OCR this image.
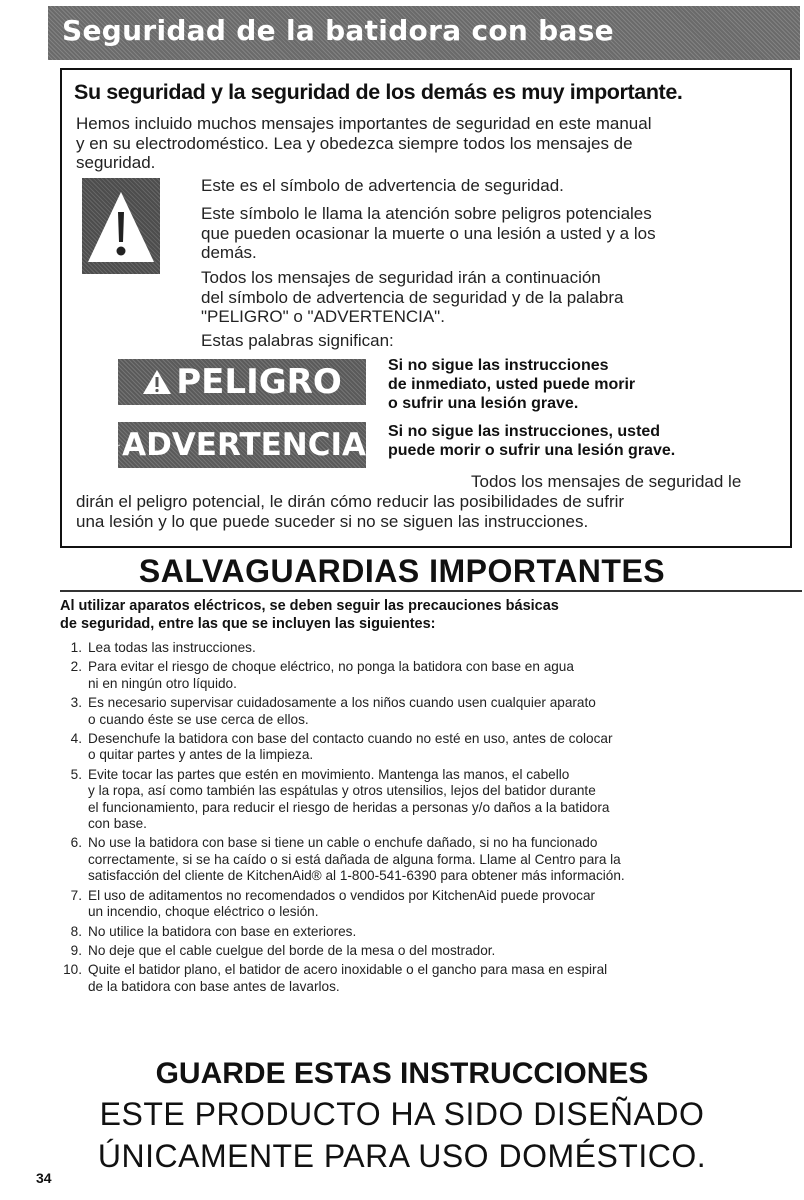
Seguridad de la batidora con base
Su seguridad y la seguridad de los demás es muy importante.
Hemos incluido muchos mensajes importantes de seguridad en este manual
y en su electrodoméstico. Lea y obedezca siempre todos los mensajes de
seguridad.
Este es el símbolo de advertencia de seguridad.
Este símbolo le llama la atención sobre peligros potenciales
que pueden ocasionar la muerte o una lesión a usted y a los
demás.
Todos los mensajes de seguridad irán a continuación
del símbolo de advertencia de seguridad y de la palabra
"PELIGRO" o "ADVERTENCIA".
Estas palabras significan:
PELIGRO	Si no sigue las instrucciones
de inmediato, usted puede morir
o sufrir una lesión grave.
ADVERTENCIA Si no sigue las instrucciones, usted
puede morir o sufrir una lesión grave.
Todos los mensajes de seguridad le
dirán el peligro potencial, le dirán cómo reducir las posibilidades de sufrir
una lesión y lo que puede suceder si no se siguen las instrucciones.
SALVAGUARDIAS IMPORTANTES
Al utilizar aparatos eléctricos, se deben seguir las precauciones básicas
de seguridad, entre las que se incluyen las siguientes:
1. Lea todas las instrucciones.
2. Para evitar el riesgo de choque eléctrico, no ponga la batidora con base en agua
ni en ningún otro líquido.
3. Es necesario supervisar cuidadosamente a los niños cuando usen cualquier aparato
o cuando éste se use cerca de ellos.
4. Desenchufe la batidora con base del contacto cuando no esté en uso, antes de colocar
o quitar partes y antes de la limpieza.
5. Evite tocar las partes que estén en movimiento. Mantenga las manos, el cabello
y la ropa, así como también las espátulas y otros utensilios, lejos del batidor durante
el funcionamiento, para reducir el riesgo de heridas a personas y/o daños a la batidora
con base.
6. No use la batidora con base si tiene un cable o enchufe dañado, si no ha funcionado
correctamente, si se ha caído o si está dañada de alguna forma. Llame al Centro para la
satisfacción del cliente de KitchenAid® al 1-800-541-6390 para obtener más información.
7. El uso de aditamentos no recomendados o vendidos por KitchenAid puede provocar
un incendio, choque eléctrico o lesión.
8. No utilice la batidora con base en exteriores.
9. No deje que el cable cuelgue del borde de la mesa o del mostrador.
10. Quite el batidor plano, el batidor de acero inoxidable o el gancho para masa en espiral
de la batidora con base antes de lavarlos.
GUARDE ESTAS INSTRUCCIONES
ESTE PRODUCTO HA SIDO DISEÑADO
ÚNICAMENTE PARA USO DOMÉSTICO.
34
